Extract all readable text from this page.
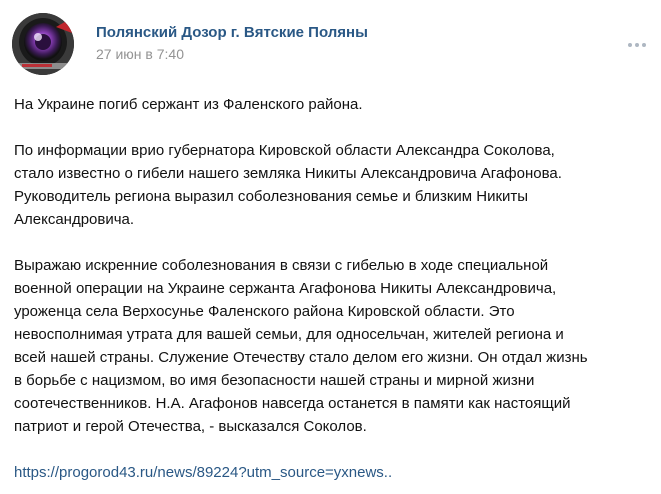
Полянский Дозор г. Вятские Поляны
27 июн в 7:40

На Украине погиб сержант из Фаленского района.

По информации врио губернатора Кировской области Александра Соколова,
стало известно о гибели нашего земляка Никиты Александровича Агафонова.
Руководитель региона выразил соболезнования семье и близким Никиты
Александровича.

Выражаю искренние соболезнования в связи с гибелью в ходе специальной
военной операции на Украине сержанта Агафонова Никиты Александровича,
уроженца села Верхосунье Фаленского района Кировской области. Это
невосполнимая утрата для вашей семьи, для односельчан, жителей региона и
всей нашей страны. Служение Отечеству стало делом его жизни. Он отдал жизнь
в борьбе с нацизмом, во имя безопасности нашей страны и мирной жизни
соотечественников. Н.А. Агафонов навсегда останется в памяти как настоящий
патриот и герой Отечества, - высказался Соколов.

https://progorod43.ru/news/89224?utm_source=yxnews..
